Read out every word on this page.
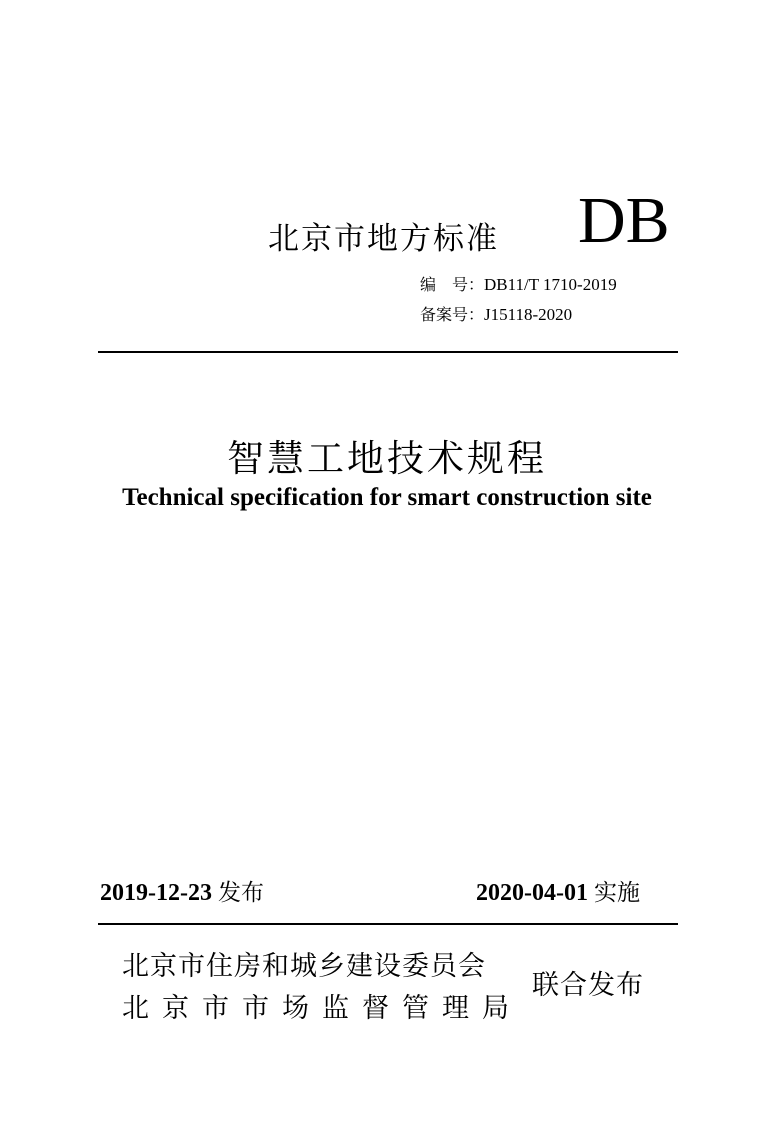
北京市地方标准 DB
编　号：DB11/T 1710-2019
备案号：J15118-2020
智慧工地技术规程
Technical specification for smart construction site
2019-12-23 发布	2020-04-01 实施
北京市住房和城乡建设委员会
北京市市场监督管理局
联合发布
